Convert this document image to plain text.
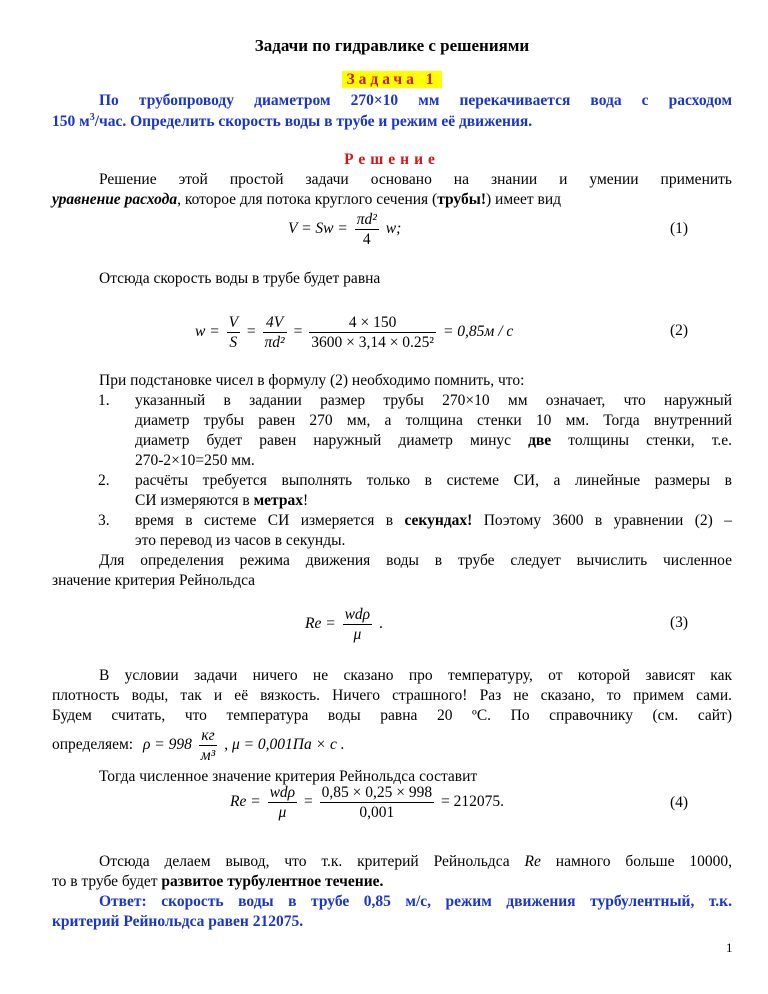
Задачи по гидравлике с решениями
Задача 1
По трубопроводу диаметром 270×10 мм перекачивается вода с расходом
150 $м^3$/час. Определить скорость воды в трубе и режим её движения.
Решение
Решение этой простой задачи основано на знании и умении применить
уравнение расхода, которое для потока круглого сечения (трубы!) имеет вид
$V = Sw = \frac{\text{πd²}}{4} w$;	(1)
Отсюда скорость воды в трубе будет равна
$w = \frac{V}{S} = \frac{4V}{\text{πd²}} = \frac{4 \times 150}{\text{3600 × 3,14 × 0.25²}} = 0,85м / с$	(2)
При подстановке чисел в формулу (2) необходимо помнить, что:
1. указанный в задании размер трубы 270×10 мм означает, что наружный
диаметр трубы равен 270 мм, а толщина стенки 10 мм. Тогда внутренний
диаметр будет равен наружный диаметр минус две толщины стенки, т.е.
270-2×10=250 мм.
2. расчёты требуется выполнять только в системе СИ, а линейные размеры в
СИ измеряются в метрах!
3. время в системе СИ измеряется в секундах! Поэтому 3600 в уравнении (2) –
это перевод из часов в секунды.
Для определения режима движения воды в трубе следует вычислить численное
значение критерия Рейнольдса
$Re = \frac{\text{wdρ}}{\mu}$ .	(3)
В условии задачи ничего не сказано про температуру, от которой зависят как
плотность воды, так и её вязкость. Ничего страшного! Раз не сказано, то примем сами.
Будем считать, что температура воды равна 20 ºС. По справочнику (см. сайт)
определяем: $\rho = 998 \frac{кг}{\text{м³}}$ , μ = 0,001Па × с .
Тогда численное значение критерия Рейнольдса составит
$Re = \frac{\text{wdρ}}{\mu} = \frac{0,85 \times 0,25 \times 998}{0,001} = 212075$.	(4)
Отсюда делаем вывод, что т.к. критерий Рейнольдса Re намного больше 10000,
то в трубе будет развитое турбулентное течение.
Ответ: скорость воды в трубе 0,85 м/с, режим движения турбулентный, т.к.
критерий Рейнольдса равен 212075.
1
